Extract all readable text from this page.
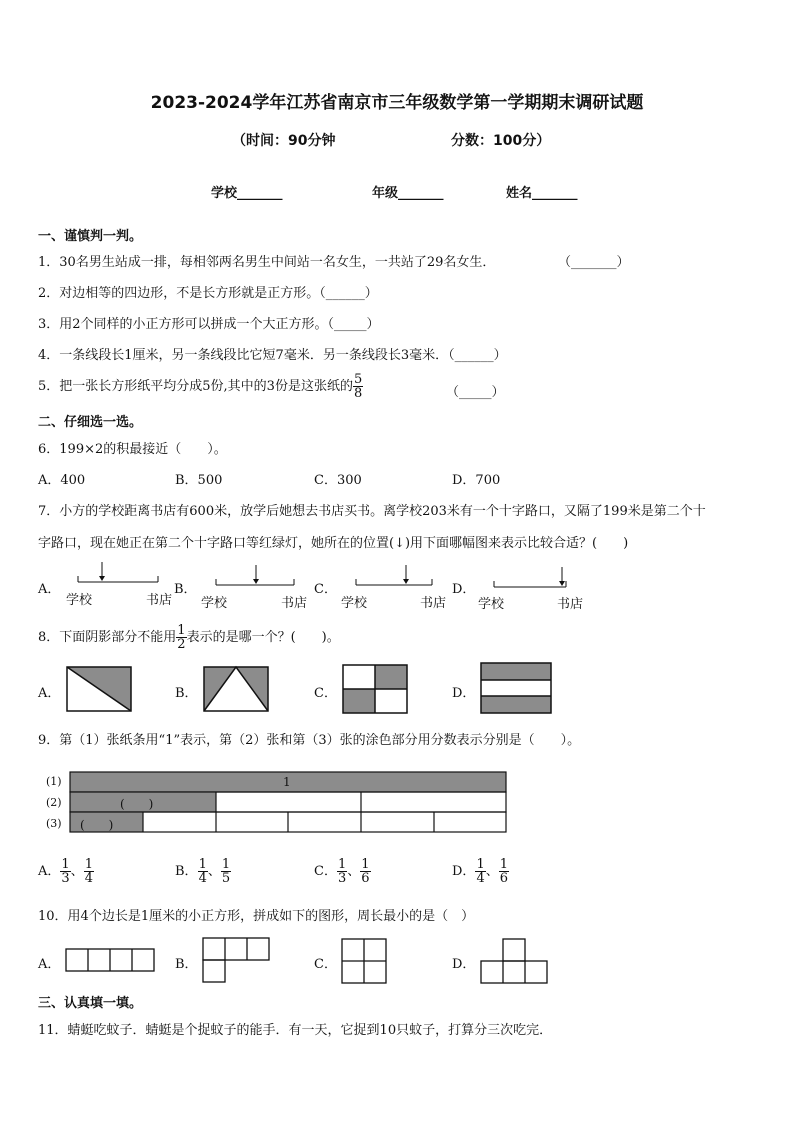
2023-2024学年江苏省南京市三年级数学第一学期期末调研试题
（时间：90分钟	分数：100分）
学校_______	年级_______	姓名_______
一、谨慎判一判。
1．30名男生站成一排，每相邻两名男生中间站一名女生，一共站了29名女生．	（_______）
2．对边相等的四边形，不是长方形就是正方形。（______）
3．用2个同样的小正方形可以拼成一个大正方形。（_____）
4．一条线段长1厘米，另一条线段比它短7毫米．另一条线段长3毫米．（______）
5．把一张长方形纸平均分成5份,其中的3份是这张纸的 $\frac{5}{8}$	（_____）
二、仔细选一选。
6．199×2的积最接近（　　）。
A．400	B．500	C．300	D．700
7．小方的学校距离书店有600米，放学后她想去书店买书。离学校203米有一个十字路口，又隔了199米是第二个十
字路口，现在她正在第二个十字路口等红绿灯，她所在的位置(↓)用下面哪幅图来表示比较合适？(　　)
A．
学校	书店
B．
学校	书店
C．
学校	书店
D．
学校	书店
8．下面阴影部分不能用 $\frac{1}{2}$ 表示的是哪一个？(　　)。
A．	B．	C．	D．
9．第（1）张纸条用“1”表示，第（2）张和第（3）张的涂色部分用分数表示分别是（　　）。
(1)
(2)
(3)
1
(　　)
(　　)
A． $\frac{1}{3}$ 、 $\frac{1}{4}$	B． $\frac{1}{4}$ 、 $\frac{1}{5}$	C． $\frac{1}{3}$ 、 $\frac{1}{6}$	D． $\frac{1}{4}$ 、 $\frac{1}{6}$
10．用4个边长是1厘米的小正方形，拼成如下的图形，周长最小的是（　）
A．	B．	C．	D．
三、认真填一填。
11．蜻蜓吃蚊子．蜻蜓是个捉蚊子的能手．有一天，它捉到10只蚊子，打算分三次吃完．
